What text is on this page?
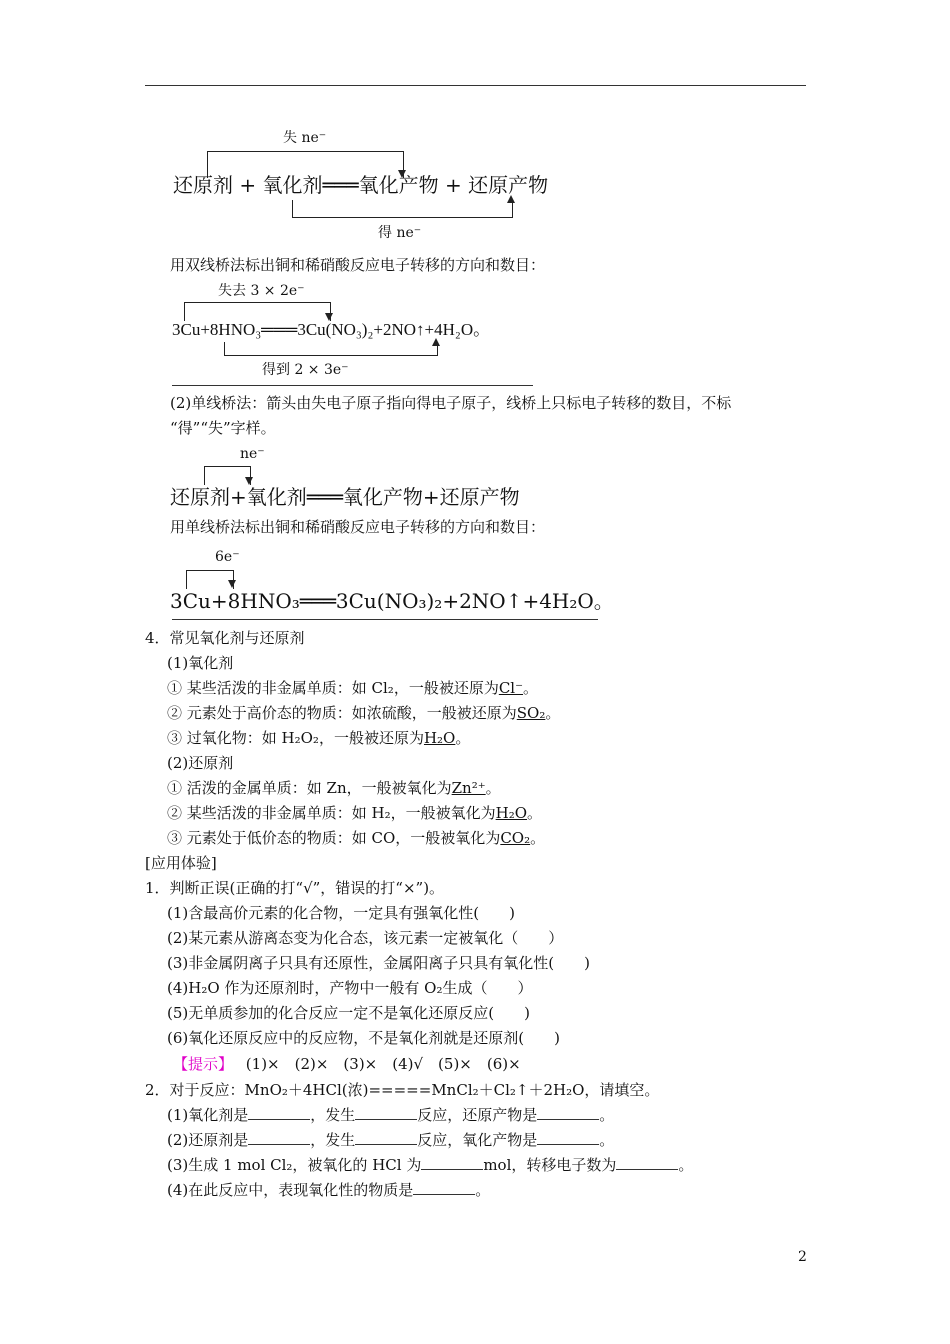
失 ne⁻
还原剂 + 氧化剂═══氧化产物 + 还原产物
得 ne⁻
用双线桥法标出铜和稀硝酸反应电子转移的方向和数目：
失去 3 × 2e⁻
3Cu+8HNO₃═══3Cu(NO₃)₂+2NO↑+4H₂O。
得到 2 × 3e⁻
(2)单线桥法：箭头由失电子原子指向得电子原子，线桥上只标电子转移的数目，不标
“得”“失”字样。
ne⁻
还原剂+氧化剂═══氧化产物+还原产物
用单线桥法标出铜和稀硝酸反应电子转移的方向和数目：
6e⁻
3Cu+8HNO₃═══3Cu(NO₃)₂+2NO↑+4H₂O。
4．常见氧化剂与还原剂
(1)氧化剂
① 某些活泼的非金属单质：如 Cl₂，一般被还原为Cl⁻。
② 元素处于高价态的物质：如浓硫酸，一般被还原为SO₂。
③ 过氧化物：如 H₂O₂，一般被还原为H₂O。
(2)还原剂
① 活泼的金属单质：如 Zn，一般被氧化为Zn²⁺。
② 某些活泼的非金属单质：如 H₂，一般被氧化为H₂O。
③ 元素处于低价态的物质：如 CO，一般被氧化为CO₂。
[应用体验]
1．判断正误(正确的打“√”，错误的打“×”)。
(1)含最高价元素的化合物，一定具有强氧化性(　　)
(2)某元素从游离态变为化合态，该元素一定被氧化（　　）
(3)非金属阴离子只具有还原性，金属阳离子只具有氧化性(　　)
(4)H₂O 作为还原剂时，产物中一般有 O₂生成（　　）
(5)无单质参加的化合反应一定不是氧化还原反应(　　)
(6)氧化还原反应中的反应物，不是氧化剂就是还原剂(　　)
【提示】 (1)×　(2)×　(3)×　(4)√　(5)×　(6)×
2．对于反应：MnO₂＋4HCl(浓)=====MnCl₂＋Cl₂↑＋2H₂O，请填空。
(1)氧化剂是	，发生	反应，还原产物是	。
(2)还原剂是	，发生	反应，氧化产物是	。
(3)生成 1 mol Cl₂，被氧化的 HCl 为	mol，转移电子数为	。
(4)在此反应中，表现氧化性的物质是	。
2
